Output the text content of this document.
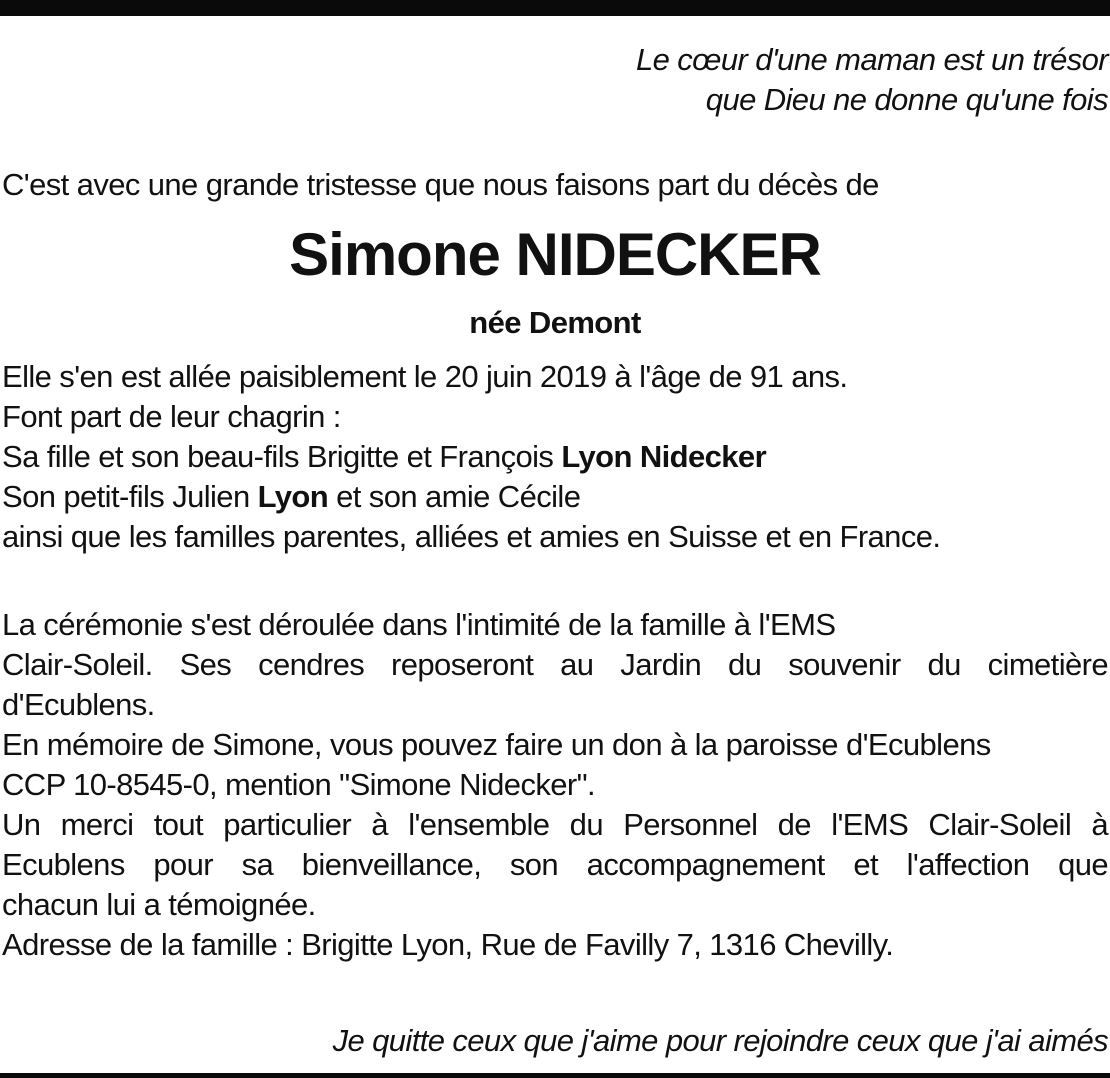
Le cœur d'une maman est un trésor
que Dieu ne donne qu'une fois
C'est avec une grande tristesse que nous faisons part du décès de
Simone NIDECKER
née Demont
Elle s'en est allée paisiblement le 20 juin 2019 à l'âge de 91 ans.
Font part de leur chagrin :
Sa fille et son beau-fils Brigitte et François Lyon Nidecker
Son petit-fils Julien Lyon et son amie Cécile
ainsi que les familles parentes, alliées et amies en Suisse et en France.
La cérémonie s'est déroulée dans l'intimité de la famille à l'EMS
Clair-Soleil. Ses cendres reposeront au Jardin du souvenir du cimetière
d'Ecublens.
En mémoire de Simone, vous pouvez faire un don à la paroisse d'Ecublens
CCP 10-8545-0, mention "Simone Nidecker".
Un merci tout particulier à l'ensemble du Personnel de l'EMS Clair-Soleil à
Ecublens pour sa bienveillance, son accompagnement et l'affection que
chacun lui a témoignée.
Adresse de la famille : Brigitte Lyon, Rue de Favilly 7, 1316 Chevilly.
Je quitte ceux que j'aime pour rejoindre ceux que j'ai aimés
